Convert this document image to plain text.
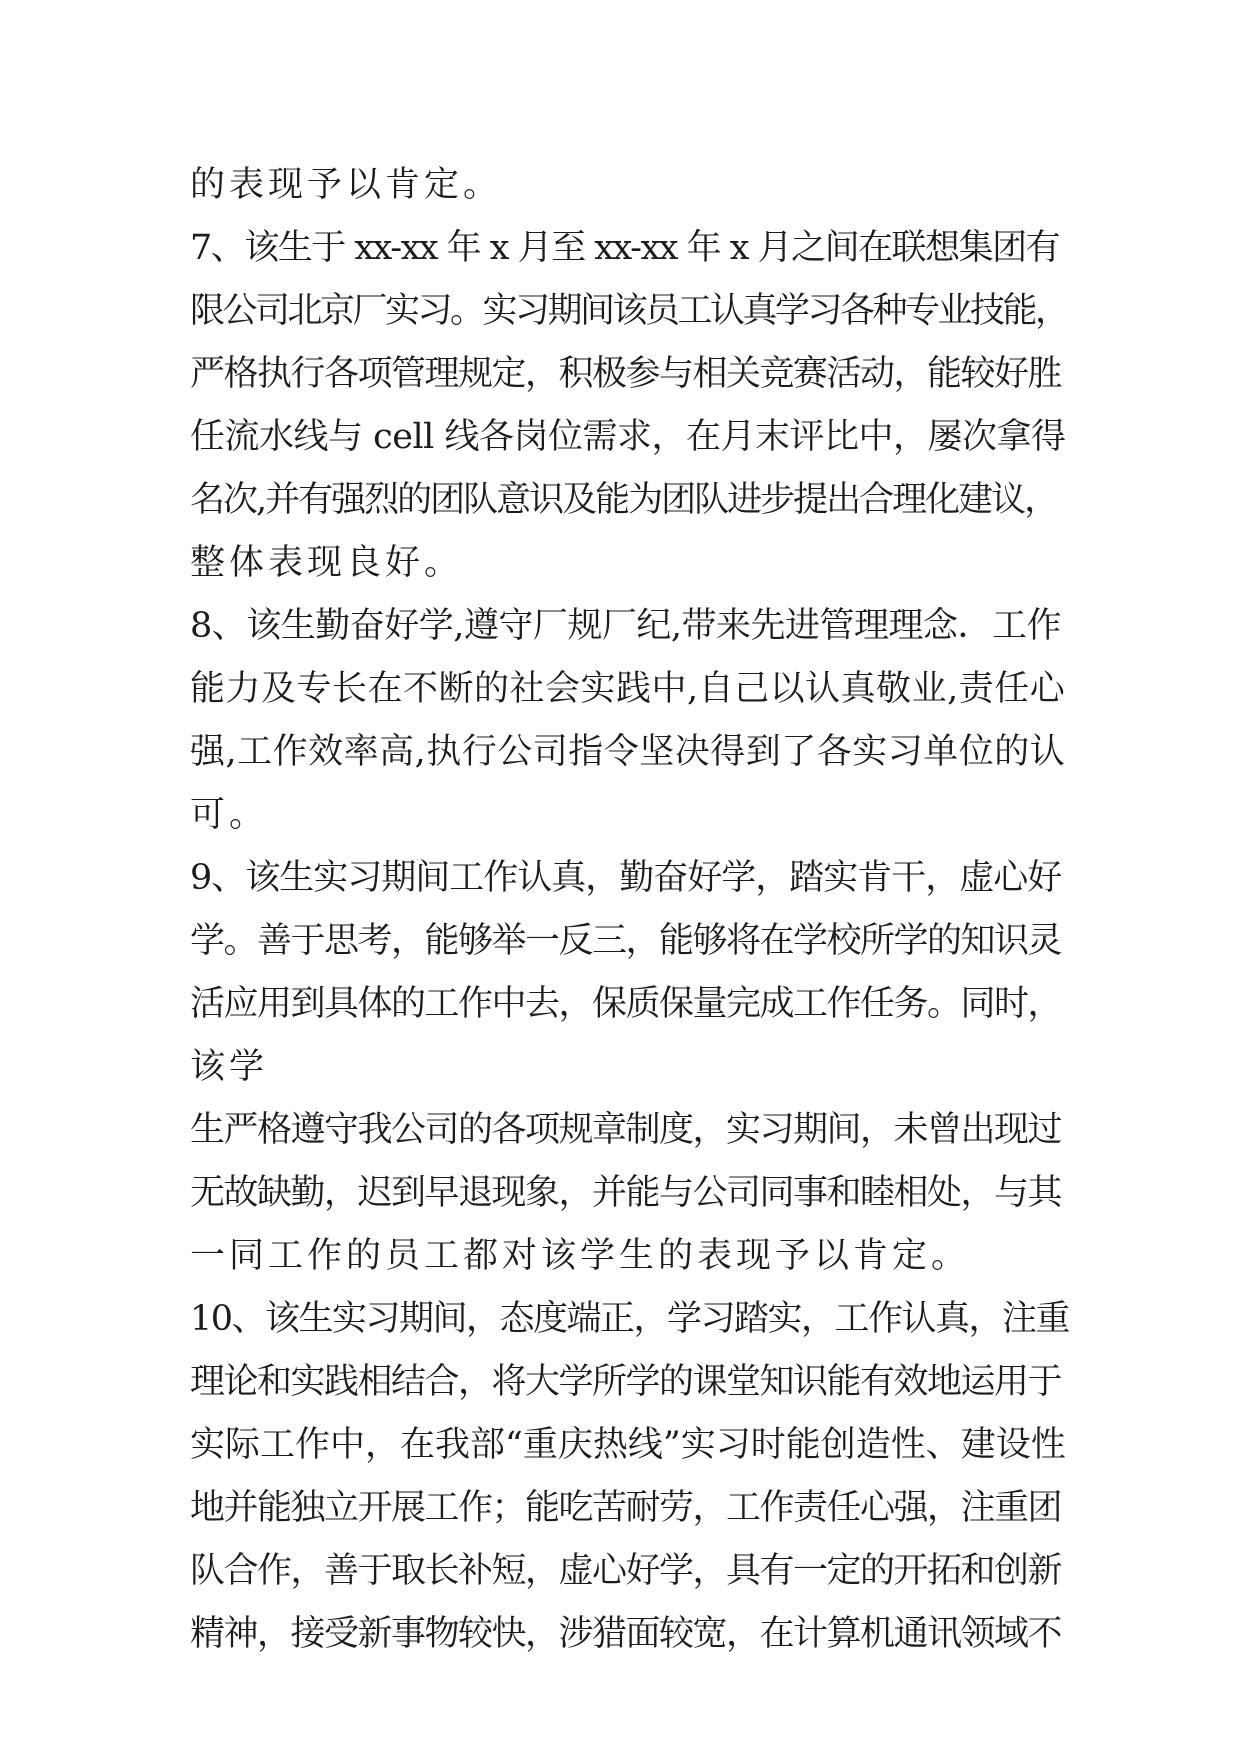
的表现予以肯定。
7、该生于 xx-xx 年 x 月至 xx-xx 年 x 月之间在联想集团有
限公司北京厂实习。实习期间该员工认真学习各种专业技能，
严格执行各项管理规定，积极参与相关竞赛活动，能较好胜
任流水线与 cell 线各岗位需求，在月末评比中，屡次拿得
名次,并有强烈的团队意识及能为团队进步提出合理化建议，
整体表现良好。
8、该生勤奋好学,遵守厂规厂纪,带来先进管理理念．工作
能力及专长在不断的社会实践中,自己以认真敬业,责任心
强,工作效率高,执行公司指令坚决得到了各实习单位的认
可。
9、该生实习期间工作认真，勤奋好学，踏实肯干，虚心好
学。善于思考，能够举一反三，能够将在学校所学的知识灵
活应用到具体的工作中去，保质保量完成工作任务。同时，
该学
生严格遵守我公司的各项规章制度，实习期间，未曾出现过
无故缺勤，迟到早退现象，并能与公司同事和睦相处，与其
一同工作的员工都对该学生的表现予以肯定。
10、该生实习期间，态度端正，学习踏实，工作认真，注重
理论和实践相结合，将大学所学的课堂知识能有效地运用于
实际工作中，在我部“重庆热线”实习时能创造性、建设性
地并能独立开展工作；能吃苦耐劳，工作责任心强，注重团
队合作，善于取长补短，虚心好学，具有一定的开拓和创新
精神，接受新事物较快，涉猎面较宽，在计算机通讯领域不
